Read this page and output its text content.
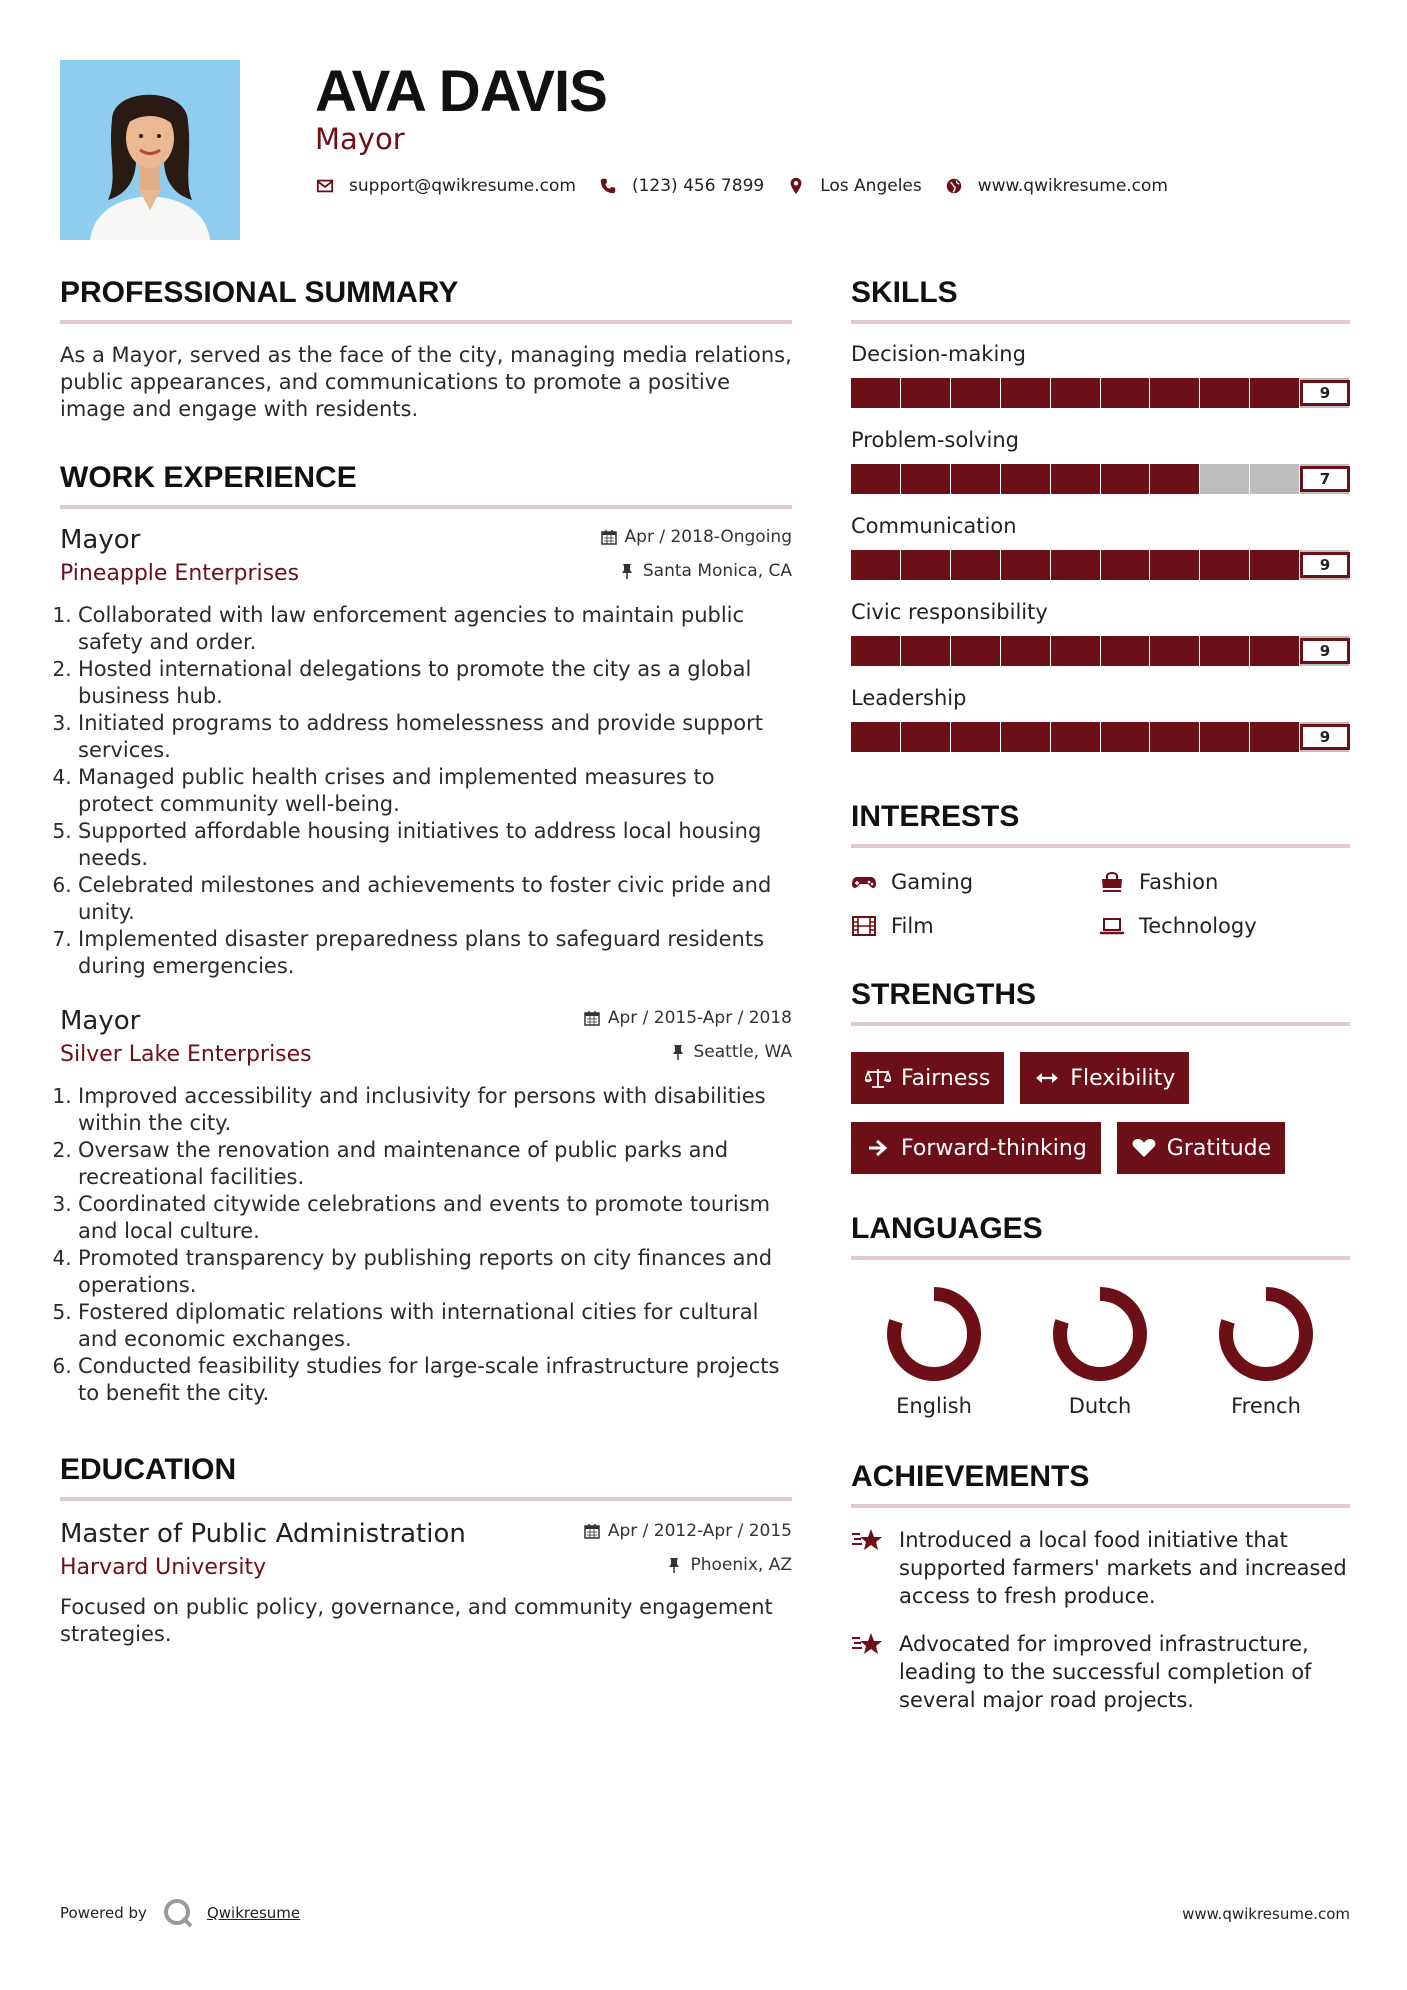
AVA DAVIS
Mayor
support@qwikresume.com	(123) 456 7899	Los Angeles	www.qwikresume.com
PROFESSIONAL SUMMARY

As a Mayor, served as the face of the city, managing media relations, public appearances, and communications to promote a positive image and engage with residents.

WORK EXPERIENCE
Mayor
Pineapple Enterprises
Apr / 2018-Ongoing
Santa Monica, CA
1. Collaborated with law enforcement agencies to maintain public safety and order.
2. Hosted international delegations to promote the city as a global business hub.
3. Initiated programs to address homelessness and provide support services.
4. Managed public health crises and implemented measures to protect community well-being.
5. Supported affordable housing initiatives to address local housing needs.
6. Celebrated milestones and achievements to foster civic pride and unity.
7. Implemented disaster preparedness plans to safeguard residents during emergencies.
Mayor
Silver Lake Enterprises
Apr / 2015-Apr / 2018
Seattle, WA
1. Improved accessibility and inclusivity for persons with disabilities within the city.
2. Oversaw the renovation and maintenance of public parks and recreational facilities.
3. Coordinated citywide celebrations and events to promote tourism and local culture.
4. Promoted transparency by publishing reports on city finances and operations.
5. Fostered diplomatic relations with international cities for cultural and economic exchanges.
6. Conducted feasibility studies for large-scale infrastructure projects to benefit the city.
EDUCATION
Master of Public Administration
Harvard University
Apr / 2012-Apr / 2015
Phoenix, AZ

Focused on public policy, governance, and community engagement strategies.

SKILLS
Decision-making
9
Problem-solving
7
Communication
9
Civic responsibility
9
Leadership
9
INTERESTS
Gaming	Fashion
Film	Technology
STRENGTHS
Fairness	Flexibility
Forward-thinking	Gratitude
LANGUAGES
English	Dutch	French
ACHIEVEMENTS
Introduced a local food initiative that supported farmers' markets and increased access to fresh produce.
Advocated for improved infrastructure, leading to the successful completion of several major road projects.
Powered by	Qwikresume	www.qwikresume.com
